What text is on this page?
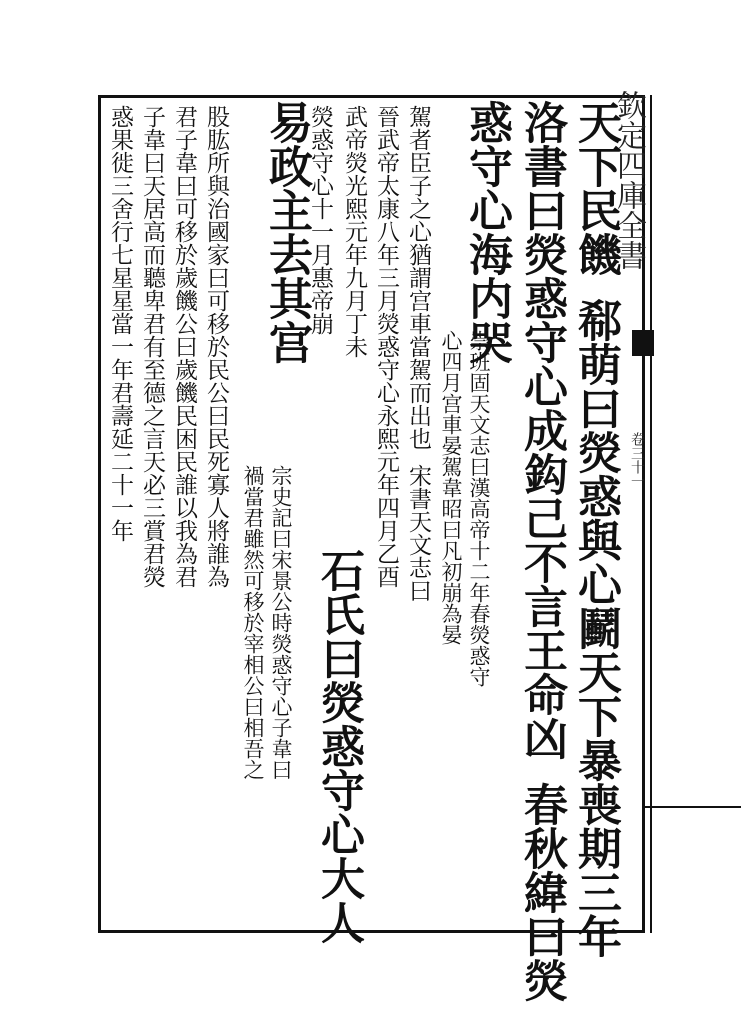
欽定四庫全書
卷三十一
天下民饑郗萌曰熒惑與心鬬天下暴喪期三年
洛書曰熒惑守心成鈎己不言王命凶春秋緯曰熒
惑守心海内哭
崇班固天文志曰漢高帝十二年春熒惑守
心四月宫車晏駕韋昭曰凡初崩為晏
駕者臣子之心猶謂宫車當駕而出也宋書天文志曰
晉武帝太康八年三月熒惑守心永熙元年四月乙酉
武帝熒光熙元年九月丁未
熒惑守心十一月惠帝崩
石氏曰熒惑守心大人
易政主去其宫
宗史記曰宋景公時熒惑守心子韋曰
禍當君雖然可移於宰相公曰相吾之
股肱所與治國家曰可移於民公曰民死寡人將誰為
君子韋曰可移於歲饑公曰歲饑民困民誰以我為君
子韋曰天居高而聽卑君有至德之言天必三賞君熒
惑果徙三舍行七星星當一年君壽延二十一年
